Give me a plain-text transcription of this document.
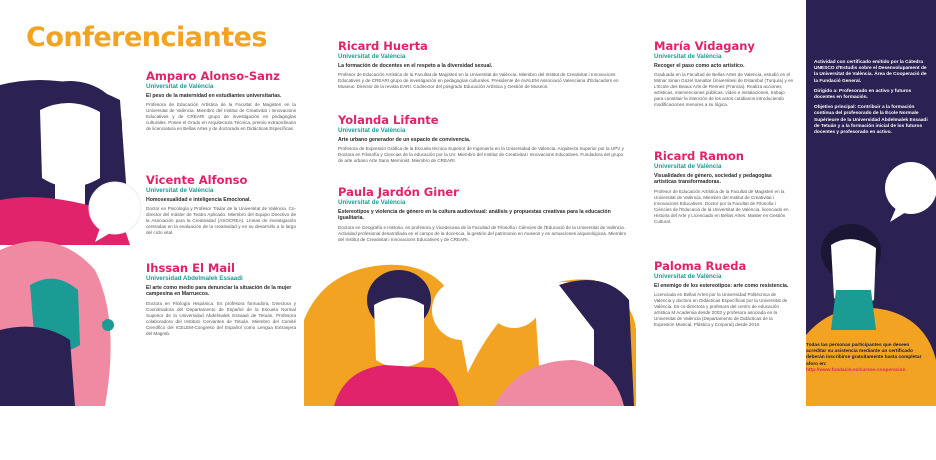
Conferenciantes
Amparo Alonso-Sanz
Universitat de València
El peso de la maternidad en estudiantes universitarias.
Profesora de Educación Artística de la Facultat de Magisteri en la Universitat de València. Miembro del Institut de Creativitat i Innovacions Educatives y de CREARI grupo de investigación en pedagogías culturales. Posee el Grado en Arquitectura Técnica, premio extraordinario de licenciatura en Bellas Artes y de doctorado en Didácticas Específicas.
Vicente Alfonso
Universitat de València
Homosexualidad e inteligencia Emocional.
Doctor en Psicología y Profesor Titular de la Universitat de València. Co-director del máster de Teatro Aplicado. Miembro del Equipo Directivo de la Asociación para la Creatividad (ASOCREA). Líneas de investigación centradas en la evaluación de la creatividad y en su desarrollo a lo largo del ciclo vital.
Ihssan El Mail
Universidad Abdelmalek Essaadi
El arte como medio para denunciar la situación de la mujer campesina en Marruecos.
Doctora en Filología Hispánica. Es profesora formadora, Directora y Coordinadora del Departamento de Español de la Escuela Normal Superior de la Universidad Abdelmalek Essaadi de Tetuán. Profesora colaboradora del Instituto Cervantes de Tetuán. Miembro del Comité Científico del ICELEM-Congreso del Español como Lengua Extranjera del Magreb.
Ricard Huerta
Universitat de València
La formación de docentes en el respeto a la diversidad sexual.
Profesor de Educación Artística de la Facultat de Magisteri en la Universitat de València. Miembro del Institut de Creativitat i Innovacions Educatives y de CREARI grupo de investigación en pedagogías culturales. Presidente de AVALEM Associació Valenciana d'Educadors en Museus. Director de la revista EARI. Codirector del posgrado Educación Artística y Gestión de Museos.
Yolanda Lifante
Universitat de València
Arte urbano generador de un espacio de convivencia.
Profesora de Expresión Gráfica de la Escuela técnica Superior de Ingeniería en la Universidad de Valencia. Arquitecta Superior por la UPV y Doctora en Filosofía y Ciencias de la educación por la UV. Miembro del Institut de Creativitat i Innovacions Educatives. Fundadora del grupo de arte urbano Arte Sano Memínist. Miembro de CREARI.
Paula Jardón Giner
Universitat de València
Estereotipos y violencia de género en la cultura audiovisual: análisis y propuestas creativas para la educación igualitaria.
Doctora en Geografía e Historia, es profesora y Vicedecana de la Facultad de Filosofía i Ciències de l'Educació de la Universitat de València. Actividad profesional desarrollada en el campo de la docencia, la gestión del patrimonio en museos y en actuaciones arqueológicas. Miembro del Institut de Creativitat i Innovacions Educatives y de CREARI.
María Vidagany
Universitat de València
Recoger el paso como acto artístico.
Graduada en la Facultad de Bellas Artes de Valencia, estudió en el Mimar Sinan Güzel Sanatlar Üniversitesi de Estambul (Turquía) y en L'École des Beaux Arts de Rennes (Francia). Realiza acciones artísticas, intervenciones públicas, vídeo e instalaciones, trabajo para constituir la intención de los actos cotidianos introduciendo modificaciones menores a su lógica.
Ricard Ramon
Universitat de València
Visualidades de género, sociedad y pedagogías artísticas transformadoras.
Profesor de Educación Artística de la Facultat de Magisteri en la Universitat de València. Miembro del Institut de Creativitat i Innovacions Educatives. Doctor por la Facultat de Filosofia i Ciències de l'Educació de la Universitat de València, licenciado en Historia del Arte y Licenciado en Bellas Artes. Master en Gestión Cultural.
Paloma Rueda
Universitat de València
El enemigo de los estereotipos: arte como resistencia.
Licenciada en Bellas Artes por la Universidad Politécnica de Valencia y doctora en Didácticas Específicas por la Universitat de València. Es co-directora y profesora del centro de educación artística M Academia desde 2003 y profesora asociada en la Universitat de València (Departamento de Didácticas de la Expresión Musical, Plástica y Corporal) desde 2010.

Actividad con certificado emitido por la Cátedra UNESCO d'Estudis sobre el Desenvolupament de la Universitat de València. Área de Cooperació de la Fundació General.

Dirigido a: Profesorado en activo y futuros docentes en formación.

Objetivo principal: Contribuir a la formación continua del profesorado de la École Normale Supérieure de la Universidad Abdelmalek Essaadi de Tetuán y a la formación inicial de los futuros docentes y profesorado en activo.

Todas las personas participantes que deseen acreditar su asistencia mediante un certificado deberán inscribirse gratuitamente hasta completar aforo en:
http://www.fundacio.es/cursos-cooperacion
